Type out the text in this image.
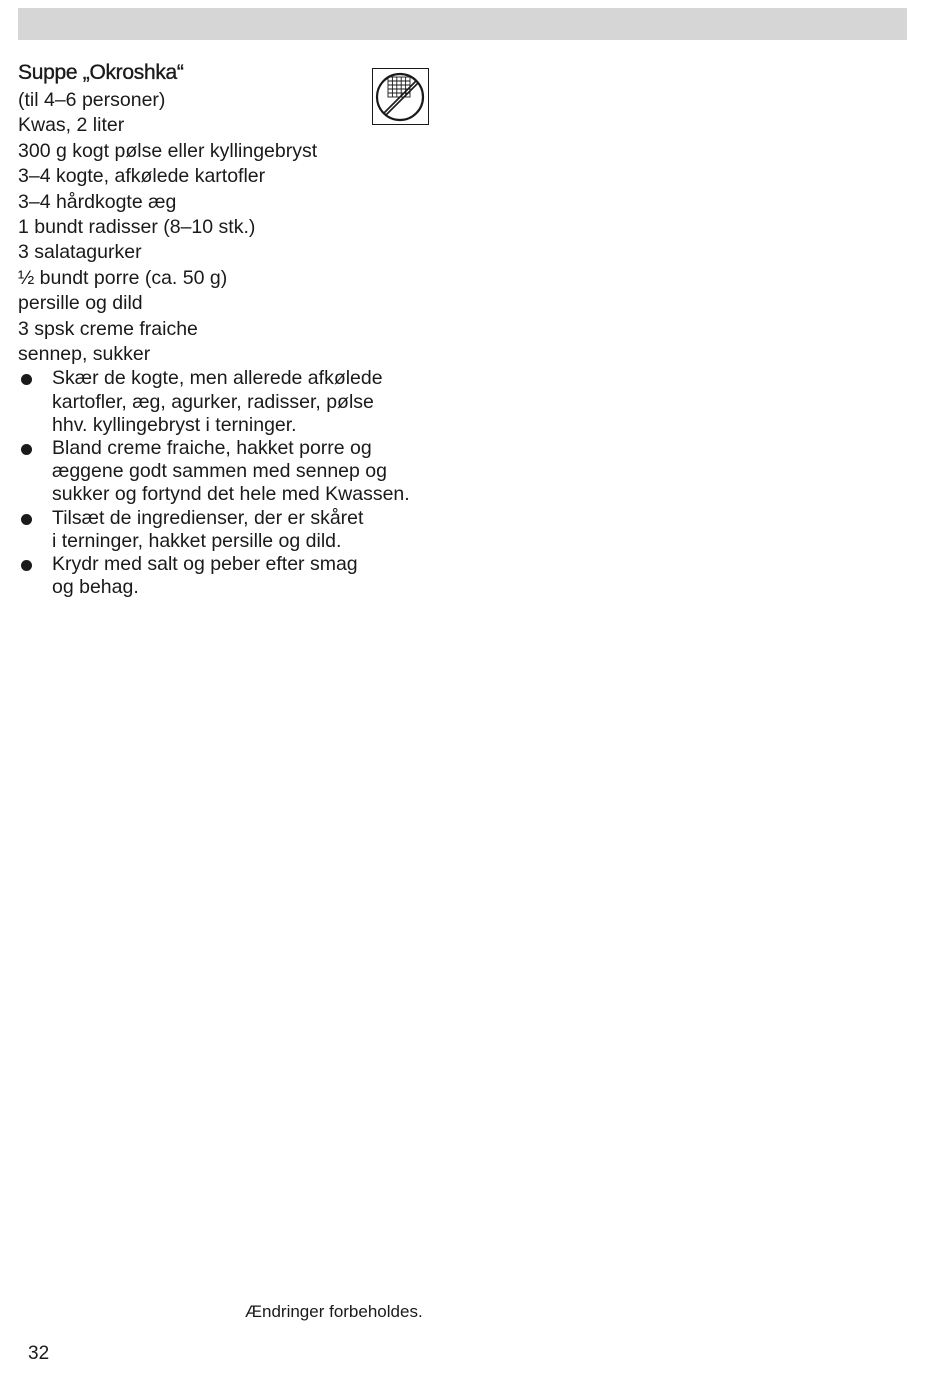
Suppe „Okroshka“
(til 4–6 personer)
Kwas, 2 liter
300 g kogt pølse eller kyllingebryst
3–4 kogte, afkølede kartofler
3–4 hårdkogte æg
1 bundt radisser (8–10 stk.)
3 salatagurker
½ bundt porre (ca. 50 g)
persille og dild
3 spsk creme fraiche
sennep, sukker
Skær de kogte, men allerede afkølede
kartofler, æg, agurker, radisser, pølse
hhv. kyllingebryst i terninger.
Bland creme fraiche, hakket porre og
æggene godt sammen med sennep og
sukker og fortynd det hele med Kwassen.
Tilsæt de ingredienser, der er skåret
i terninger, hakket persille og dild.
Krydr med salt og peber efter smag
og behag.
Ændringer forbeholdes.
32
